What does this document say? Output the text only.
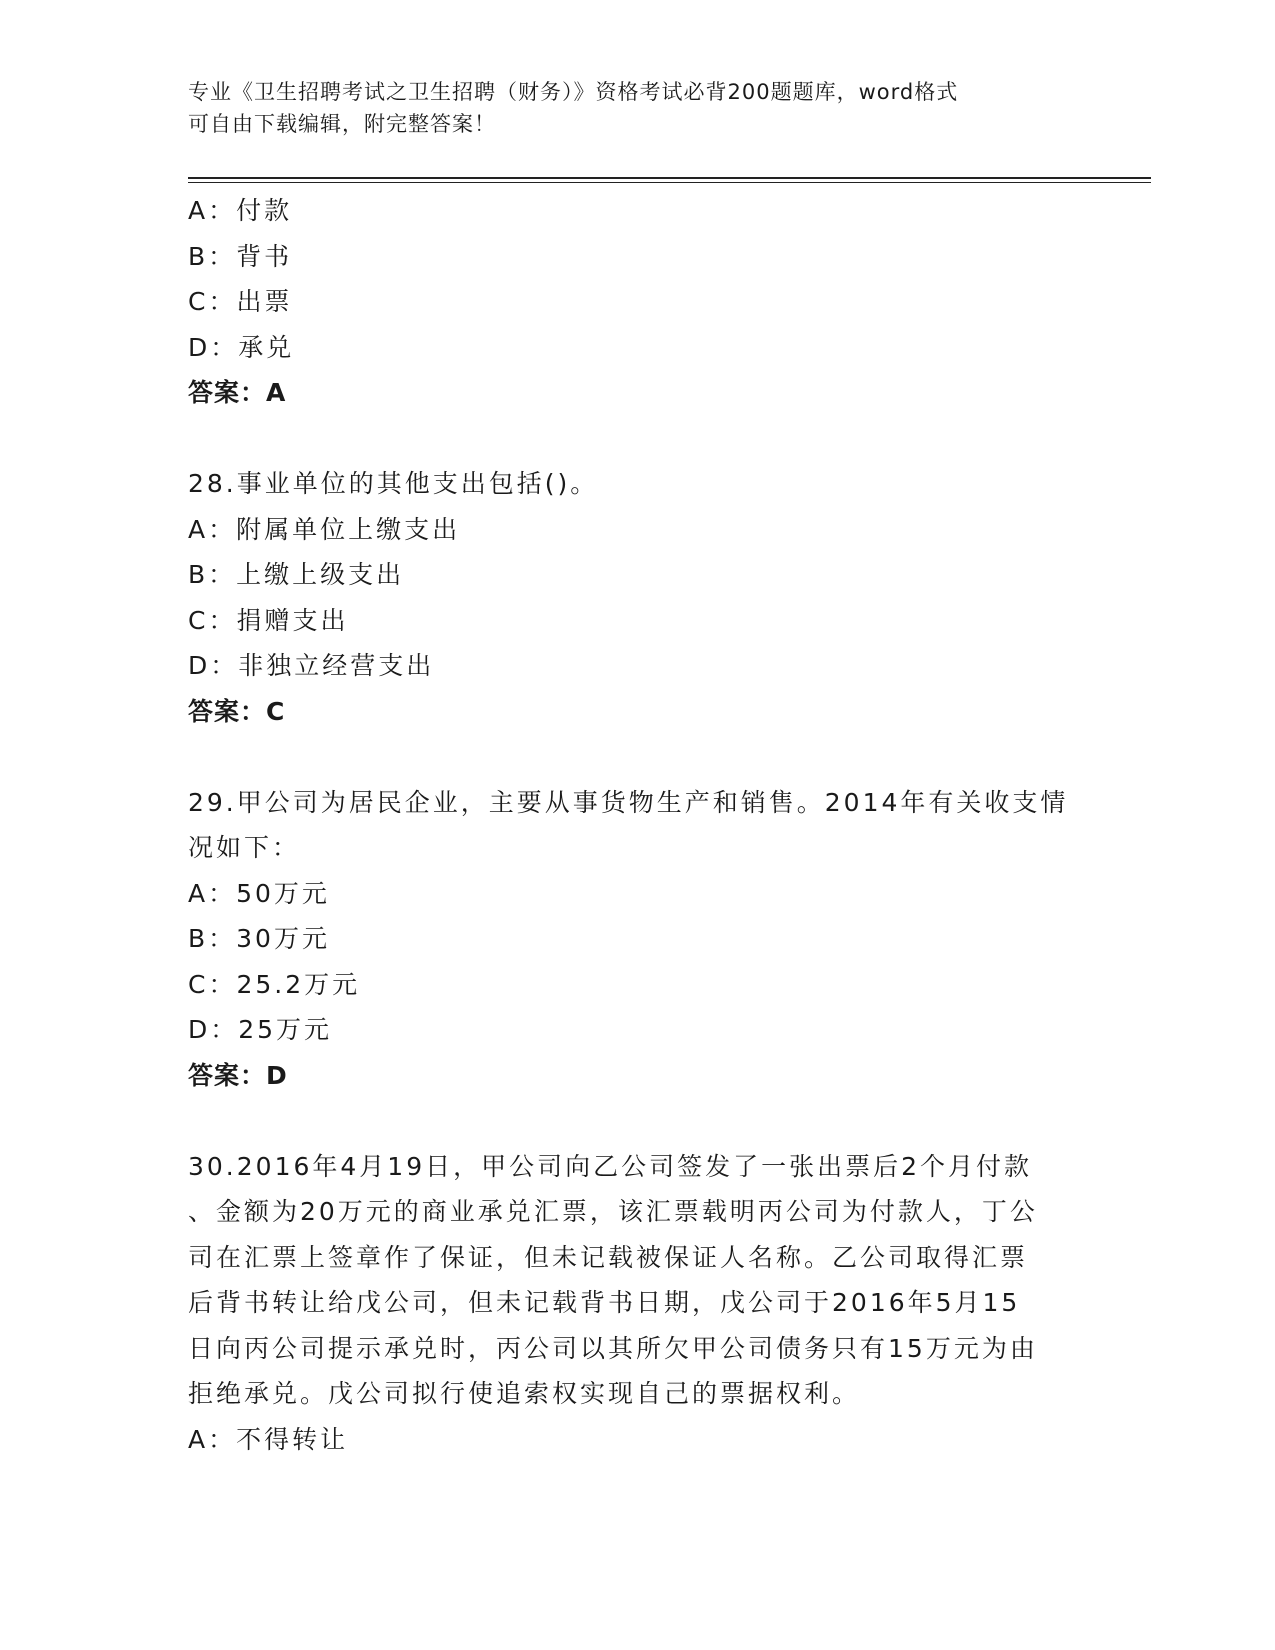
专业《卫生招聘考试之卫生招聘（财务）》资格考试必背200题题库，word格式
可自由下载编辑，附完整答案！
A：付款
B：背书
C：出票
D：承兑
答案：A
28.事业单位的其他支出包括()。
A：附属单位上缴支出
B：上缴上级支出
C：捐赠支出
D：非独立经营支出
答案：C
29.甲公司为居民企业，主要从事货物生产和销售。2014年有关收支情
况如下：
A：50万元
B：30万元
C：25.2万元
D：25万元
答案：D
30.2016年4月19日，甲公司向乙公司签发了一张出票后2个月付款
、金额为20万元的商业承兑汇票，该汇票载明丙公司为付款人，丁公
司在汇票上签章作了保证，但未记载被保证人名称。乙公司取得汇票
后背书转让给戊公司，但未记载背书日期，戊公司于2016年5月15
日向丙公司提示承兑时，丙公司以其所欠甲公司债务只有15万元为由
拒绝承兑。戊公司拟行使追索权实现自己的票据权利。
A：不得转让
